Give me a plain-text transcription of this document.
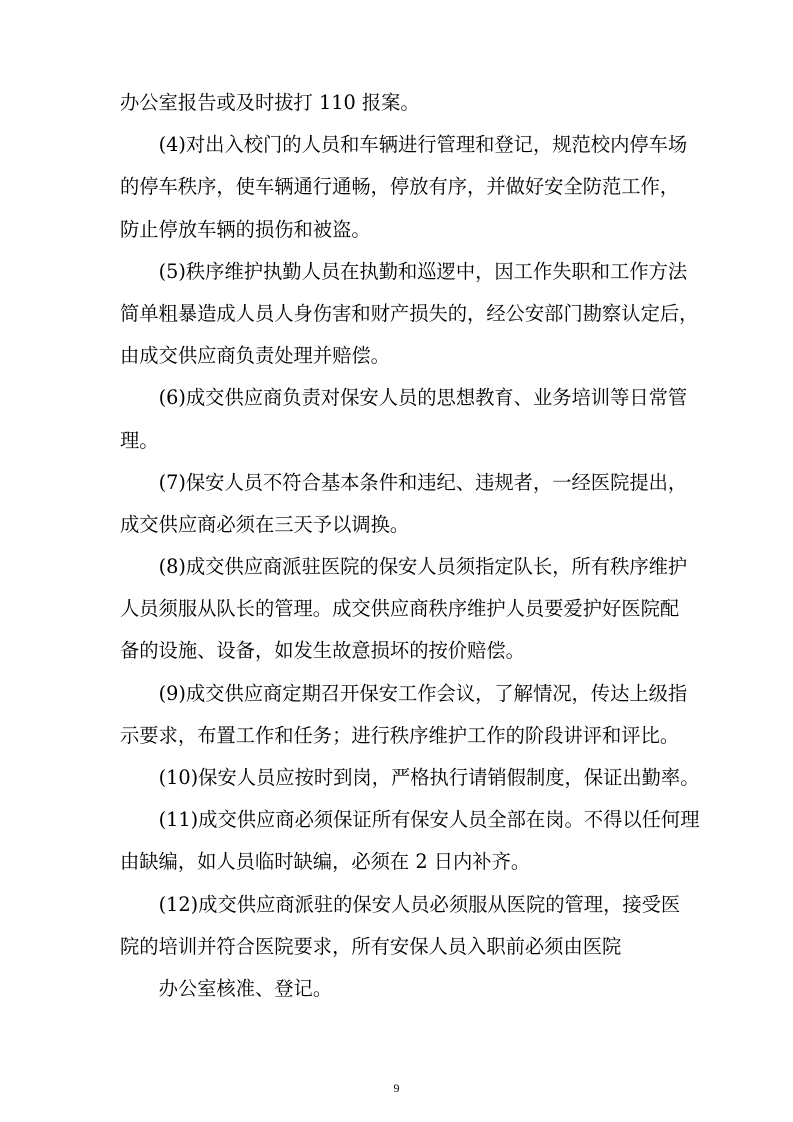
办公室报告或及时拔打 110 报案。
(4)对出入校门的人员和车辆进行管理和登记，规范校内停车场
的停车秩序，使车辆通行通畅，停放有序，并做好安全防范工作，
防止停放车辆的损伤和被盗。
(5)秩序维护执勤人员在执勤和巡逻中，因工作失职和工作方法
简单粗暴造成人员人身伤害和财产损失的，经公安部门勘察认定后，
由成交供应商负责处理并赔偿。
(6)成交供应商负责对保安人员的思想教育、业务培训等日常管
理。
(7)保安人员不符合基本条件和违纪、违规者，一经医院提出，
成交供应商必须在三天予以调换。
(8)成交供应商派驻医院的保安人员须指定队长，所有秩序维护
人员须服从队长的管理。成交供应商秩序维护人员要爱护好医院配
备的设施、设备，如发生故意损坏的按价赔偿。
(9)成交供应商定期召开保安工作会议，了解情况，传达上级指
示要求，布置工作和任务；进行秩序维护工作的阶段讲评和评比。
(10)保安人员应按时到岗，严格执行请销假制度，保证出勤率。
(11)成交供应商必须保证所有保安人员全部在岗。不得以任何理
由缺编，如人员临时缺编，必须在 2 日内补齐。
(12)成交供应商派驻的保安人员必须服从医院的管理，接受医
院的培训并符合医院要求，所有安保人员入职前必须由医院
办公室核准、登记。
9
